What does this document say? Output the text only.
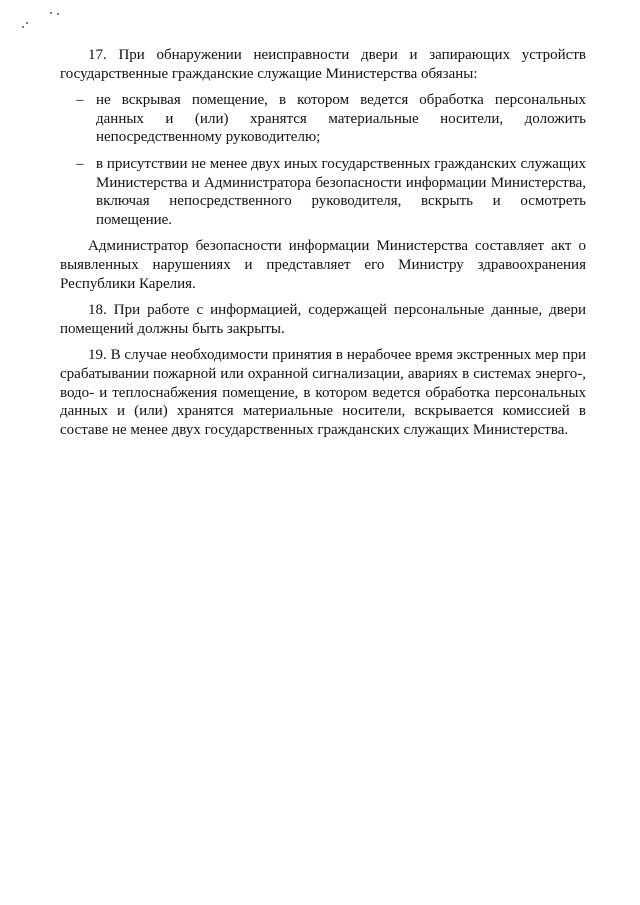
17. При обнаружении неисправности двери и запирающих устройств государственные гражданские служащие Министерства обязаны:

– не вскрывая помещение, в котором ведется обработка персональных данных и (или) хранятся материальные носители, доложить непосредственному руководителю;
– в присутствии не менее двух иных государственных гражданских служащих Министерства и Администратора безопасности информации Министерства, включая непосредственного руководителя, вскрыть и осмотреть помещение.

Администратор безопасности информации Министерства составляет акт о выявленных нарушениях и представляет его Министру здравоохранения Республики Карелия.

18. При работе с информацией, содержащей персональные данные, двери помещений должны быть закрыты.

19. В случае необходимости принятия в нерабочее время экстренных мер при срабатывании пожарной или охранной сигнализации, авариях в системах энерго-, водо- и теплоснабжения помещение, в котором ведется обработка персональных данных и (или) хранятся материальные носители, вскрывается комиссией в составе не менее двух государственных гражданских служащих Министерства.
